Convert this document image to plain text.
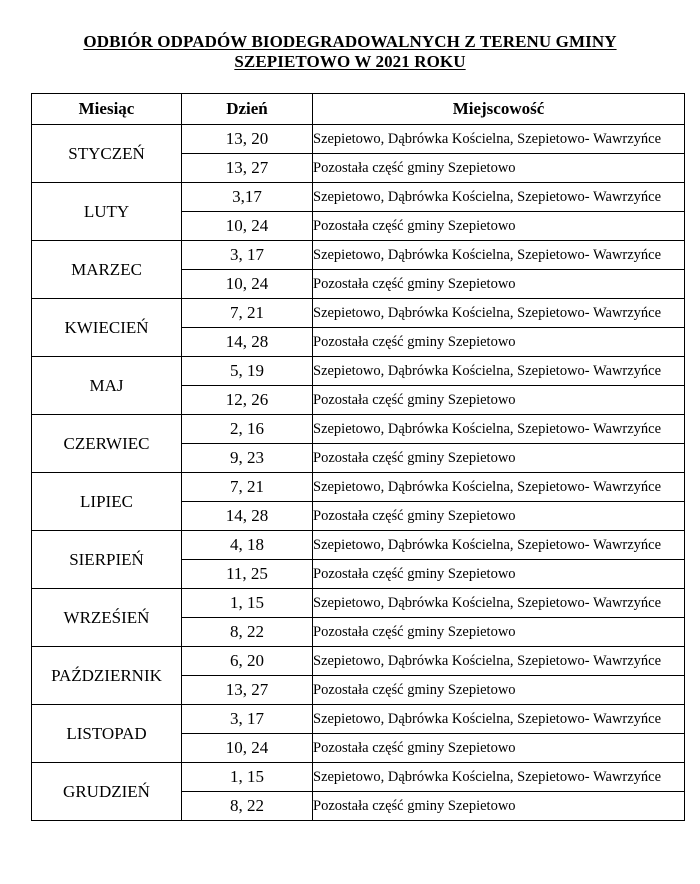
ODBIÓR ODPADÓW BIODEGRADOWALNYCH Z TERENU GMINY
SZEPIETOWO W 2021 ROKU
Miesiąc	Dzień	Miejscowość
STYCZEŃ	13, 20	Szepietowo, Dąbrówka Kościelna, Szepietowo- Wawrzyńce
	13, 27	Pozostała część gminy Szepietowo
LUTY	3,17	Szepietowo, Dąbrówka Kościelna, Szepietowo- Wawrzyńce
	10, 24	Pozostała część gminy Szepietowo
MARZEC	3, 17	Szepietowo, Dąbrówka Kościelna, Szepietowo- Wawrzyńce
	10, 24	Pozostała część gminy Szepietowo
KWIECIEŃ	7, 21	Szepietowo, Dąbrówka Kościelna, Szepietowo- Wawrzyńce
	14, 28	Pozostała część gminy Szepietowo
MAJ	5, 19	Szepietowo, Dąbrówka Kościelna, Szepietowo- Wawrzyńce
	12, 26	Pozostała część gminy Szepietowo
CZERWIEC	2, 16	Szepietowo, Dąbrówka Kościelna, Szepietowo- Wawrzyńce
	9, 23	Pozostała część gminy Szepietowo
LIPIEC	7, 21	Szepietowo, Dąbrówka Kościelna, Szepietowo- Wawrzyńce
	14, 28	Pozostała część gminy Szepietowo
SIERPIEŃ	4, 18	Szepietowo, Dąbrówka Kościelna, Szepietowo- Wawrzyńce
	11, 25	Pozostała część gminy Szepietowo
WRZEŚIEŃ	1, 15	Szepietowo, Dąbrówka Kościelna, Szepietowo- Wawrzyńce
	8, 22	Pozostała część gminy Szepietowo
PAŹDZIERNIK	6, 20	Szepietowo, Dąbrówka Kościelna, Szepietowo- Wawrzyńce
	13, 27	Pozostała część gminy Szepietowo
LISTOPAD	3, 17	Szepietowo, Dąbrówka Kościelna, Szepietowo- Wawrzyńce
	10, 24	Pozostała część gminy Szepietowo
GRUDZIEŃ	1, 15	Szepietowo, Dąbrówka Kościelna, Szepietowo- Wawrzyńce
	8, 22	Pozostała część gminy Szepietowo
